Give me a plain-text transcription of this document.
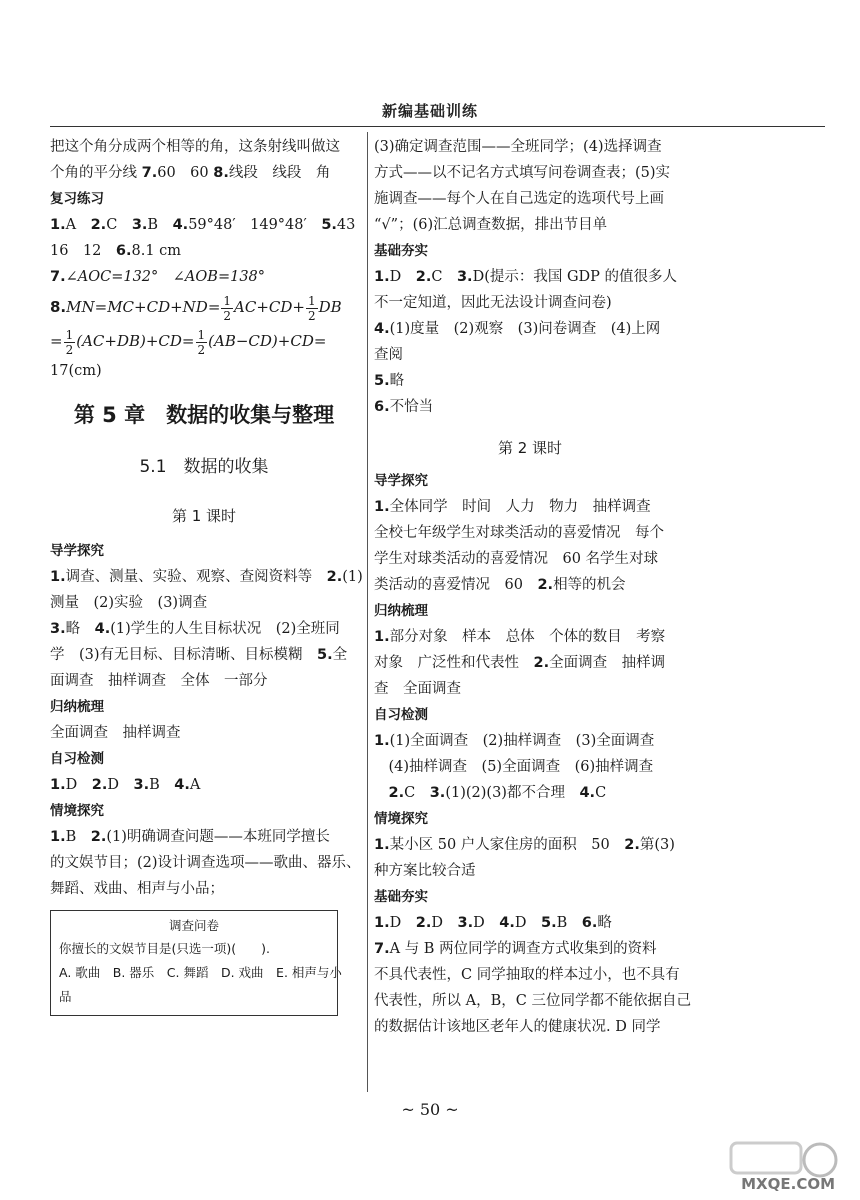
新编基础训练
把这个角分成两个相等的角，这条射线叫做这
个角的平分线 7.60　60 8.线段　线段　角
复习练习
1.A　 2.C　 3.B　 4.59°48′　149°48′　 5.43
16　12　 6.8.1 cm
7.∠AOC=132°　∠AOB=138°
$8.MN=MC+CD+ND= \frac{1}{2} AC+CD+ \frac{1}{2}$ DB
= $\frac{1}{2} (AC+DB)+CD= \frac{1}{2} (AB-CD)+CD=$
17(cm)
第 5 章　数据的收集与整理
5.1　数据的收集
第 1 课时
导学探究
1.调查、测量、实验、观察、查阅资料等　 2.(1)
测量　(2)实验　(3)调查
3.略　 4.(1)学生的人生目标状况　(2)全班同
学　(3)有无目标、目标清晰、目标模糊　 5.全
面调查　抽样调查　全体　一部分
归纳梳理
全面调查　抽样调查
自习检测
1.D　 2.D　 3.B　 4.A
情境探究
1.B　 2.(1)明确调查问题——本班同学擅长
的文娱节目；(2)设计调查选项——歌曲、器乐、
舞蹈、戏曲、相声与小品；
调查问卷
你擅长的文娱节目是(只选一项)(　　).
A. 歌曲　B. 器乐　C. 舞蹈　D. 戏曲　E. 相声与小
品
(3)确定调查范围——全班同学；(4)选择调查
方式——以不记名方式填写问卷调查表；(5)实
施调查——每个人在自己选定的选项代号上画
“√”；(6)汇总调查数据，排出节目单
基础夯实
1.D　 2.C　 3.D(提示：我国 GDP 的值很多人
不一定知道，因此无法设计调查问卷)
4.(1)度量　(2)观察　(3)问卷调查　(4)上网
查阅
5.略
6.不恰当
第 2 课时
导学探究
1.全体同学　时间　人力　物力　抽样调查
全校七年级学生对球类活动的喜爱情况　每个
学生对球类活动的喜爱情况　60 名学生对球
类活动的喜爱情况　60　 2.相等的机会
归纳梳理
1.部分对象　样本　总体　个体的数目　考察
对象　广泛性和代表性　 2.全面调查　抽样调
查　全面调查
自习检测
1.(1)全面调查　(2)抽样调查　(3)全面调查
　(4)抽样调查　(5)全面调查　(6)抽样调查
　2.C　 3.(1)(2)(3)都不合理　 4.C
情境探究
1.某小区 50 户人家住房的面积　50　 2.第(3)
种方案比较合适
基础夯实
1.D　 2.D　 3.D　 4.D　 5.B　 6.略
7.A 与 B 两位同学的调查方式收集到的资料
不具代表性，C 同学抽取的样本过小，也不具有
代表性，所以 A，B，C 三位同学都不能依据自己
的数据估计该地区老年人的健康状况. D 同学
~ 50 ~
MXQE.COM
